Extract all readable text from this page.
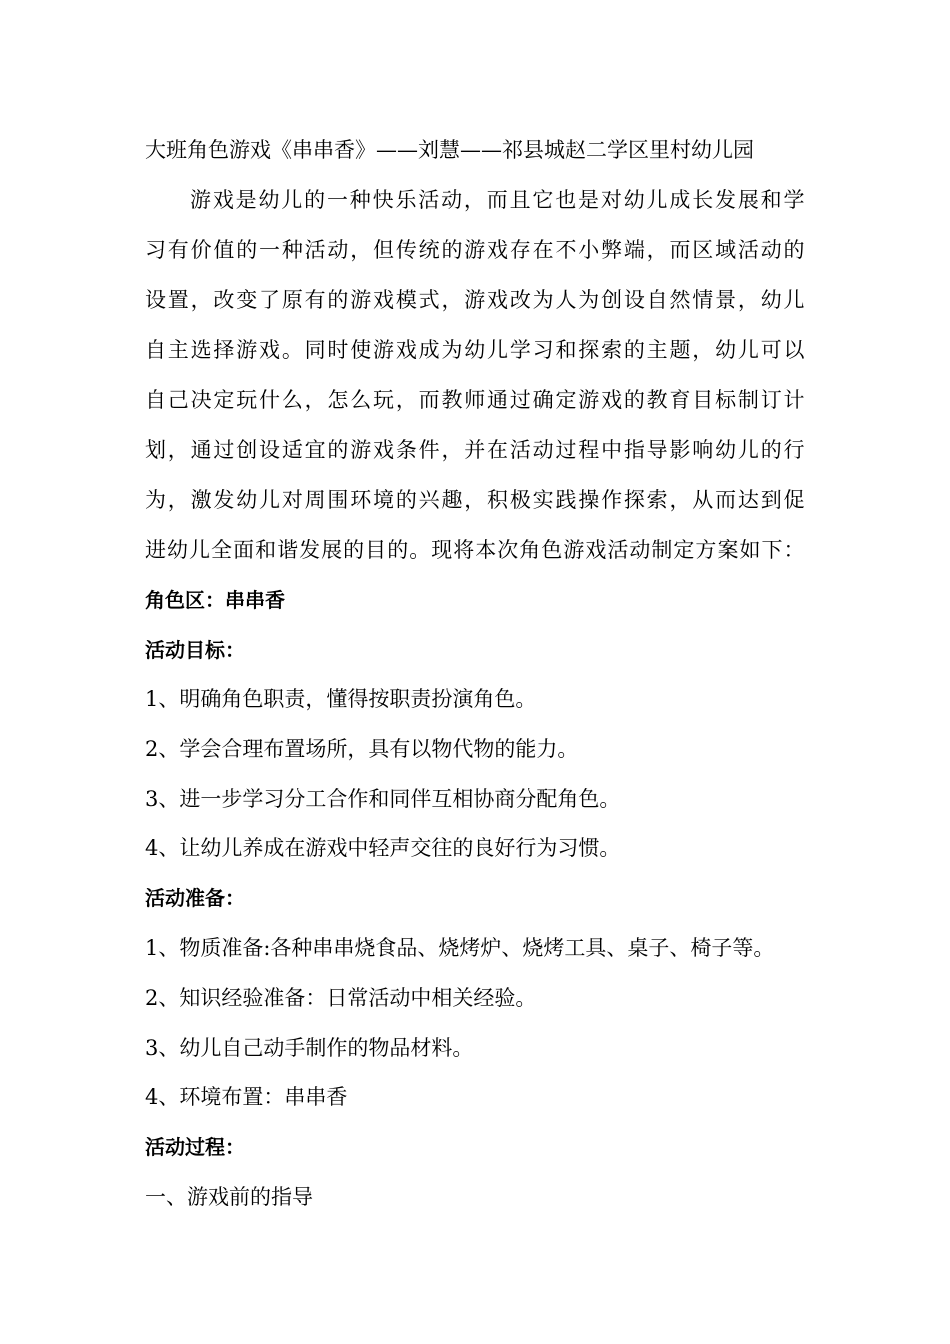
大班角色游戏《串串香》——刘慧——祁县城赵二学区里村幼儿园
游戏是幼儿的一种快乐活动，而且它也是对幼儿成长发展和学
习有价值的一种活动，但传统的游戏存在不小弊端，而区域活动的
设置，改变了原有的游戏模式，游戏改为人为创设自然情景，幼儿
自主选择游戏。同时使游戏成为幼儿学习和探索的主题，幼儿可以
自己决定玩什么，怎么玩，而教师通过确定游戏的教育目标制订计
划，通过创设适宜的游戏条件，并在活动过程中指导影响幼儿的行
为，激发幼儿对周围环境的兴趣，积极实践操作探索，从而达到促
进幼儿全面和谐发展的目的。现将本次角色游戏活动制定方案如下：
角色区：串串香
活动目标：
1、明确角色职责，懂得按职责扮演角色。
2、学会合理布置场所，具有以物代物的能力。
3、进一步学习分工合作和同伴互相协商分配角色。
4、让幼儿养成在游戏中轻声交往的良好行为习惯。
活动准备：
1、物质准备:各种串串烧食品、烧烤炉、烧烤工具、桌子、椅子等。
2、知识经验准备：日常活动中相关经验。
3、幼儿自己动手制作的物品材料。
4、环境布置：串串香
活动过程：
一、游戏前的指导
